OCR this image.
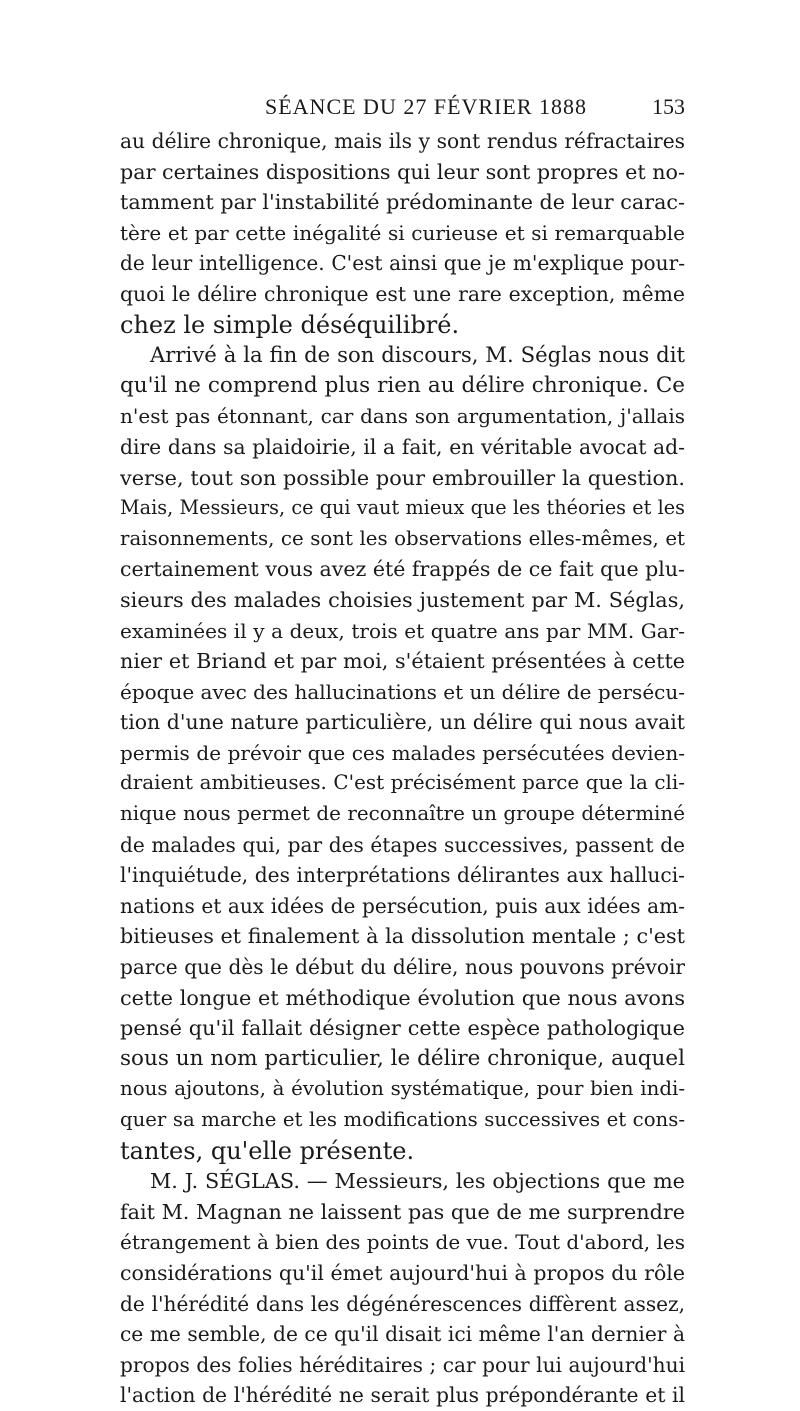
SÉANCE DU 27 FÉVRIER 1888	153
au délire chronique, mais ils y sont rendus réfractaires
par certaines dispositions qui leur sont propres et no-
tamment par l'instabilité prédominante de leur carac-
tère et par cette inégalité si curieuse et si remarquable
de leur intelligence. C'est ainsi que je m'explique pour-
quoi le délire chronique est une rare exception, même
chez le simple déséquilibré.
Arrivé à la fin de son discours, M. Séglas nous dit
qu'il ne comprend plus rien au délire chronique. Ce
n'est pas étonnant, car dans son argumentation, j'allais
dire dans sa plaidoirie, il a fait, en véritable avocat ad-
verse, tout son possible pour embrouiller la question.
Mais, Messieurs, ce qui vaut mieux que les théories et les
raisonnements, ce sont les observations elles-mêmes, et
certainement vous avez été frappés de ce fait que plu-
sieurs des malades choisies justement par M. Séglas,
examinées il y a deux, trois et quatre ans par MM. Gar-
nier et Briand et par moi, s'étaient présentées à cette
époque avec des hallucinations et un délire de persécu-
tion d'une nature particulière, un délire qui nous avait
permis de prévoir que ces malades persécutées devien-
draient ambitieuses. C'est précisément parce que la cli-
nique nous permet de reconnaître un groupe déterminé
de malades qui, par des étapes successives, passent de
l'inquiétude, des interprétations délirantes aux halluci-
nations et aux idées de persécution, puis aux idées am-
bitieuses et finalement à la dissolution mentale ; c'est
parce que dès le début du délire, nous pouvons prévoir
cette longue et méthodique évolution que nous avons
pensé qu'il fallait désigner cette espèce pathologique
sous un nom particulier, le délire chronique, auquel
nous ajoutons, à évolution systématique, pour bien indi-
quer sa marche et les modifications successives et cons-
tantes, qu'elle présente.
M. J. SÉGLAS. — Messieurs, les objections que me
fait M. Magnan ne laissent pas que de me surprendre
étrangement à bien des points de vue. Tout d'abord, les
considérations qu'il émet aujourd'hui à propos du rôle
de l'hérédité dans les dégénérescences diffèrent assez,
ce me semble, de ce qu'il disait ici même l'an dernier à
propos des folies héréditaires ; car pour lui aujourd'hui
l'action de l'hérédité ne serait plus prépondérante et il
